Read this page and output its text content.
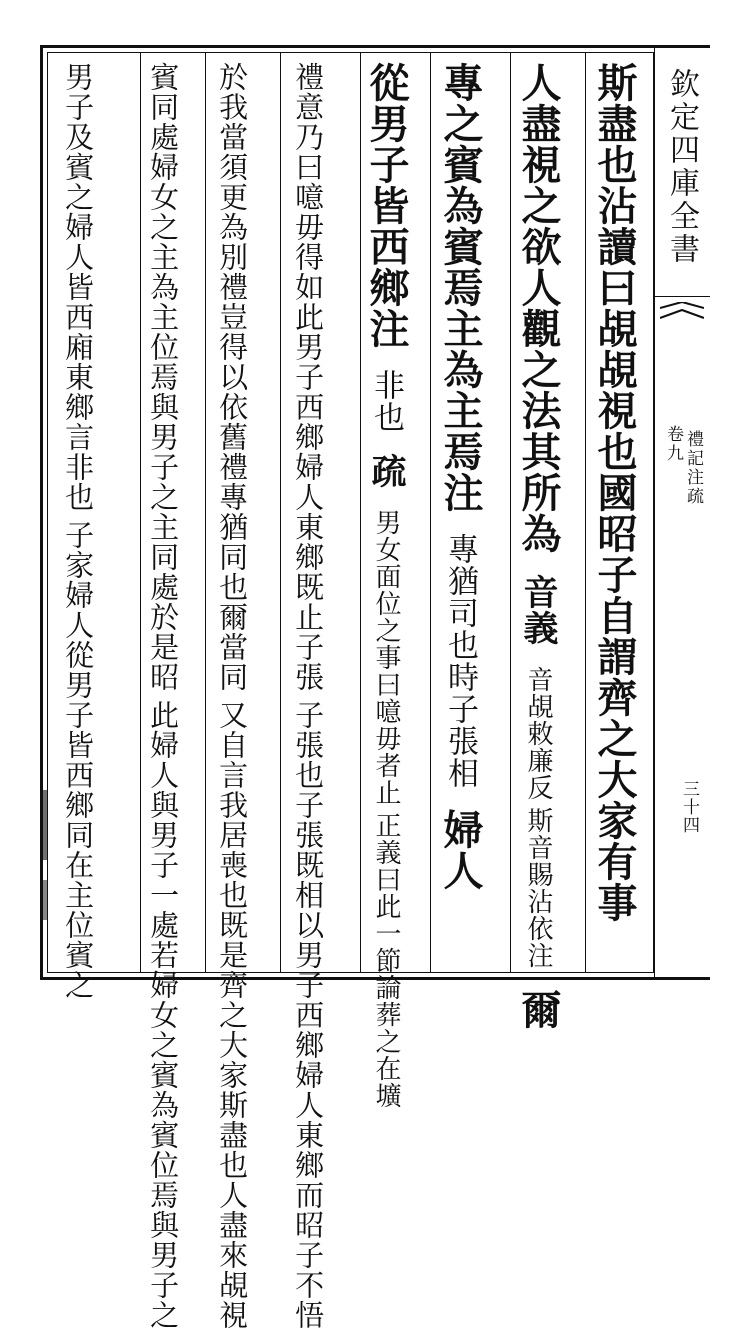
欽定四庫全書
禮記注疏
卷九
三十四
斯盡也沾讀曰覘覘視也國昭子自謂齊之大家有事
人盡視之欲人觀之法其所為 音義
斯音賜沾依注
音覘敕廉反
爾
專之賓為賓焉主為主焉注 專猶司也時子張相 婦人
從男子皆西鄉注 非也 疏
正義曰此一節論葬之在壙
男女面位之事曰噫毋者止
子張也子張既相以男子西鄉婦人東鄉而昭子不悟
禮意乃曰噫毋得如此男子西鄉婦人東鄉既止子張
又自言我居喪也既是齊之大家斯盡也人盡來覘視
於我當須更為別禮豈得以依舊禮專猶同也爾當同
此婦人與男子一處若婦女之賓為賓位焉與男子之
賓同處婦女之主為主位焉與男子之主同處於是昭
子家婦人從男子皆西鄉同在主位賓之
男子及賓之婦人皆西廂東鄉言非也
